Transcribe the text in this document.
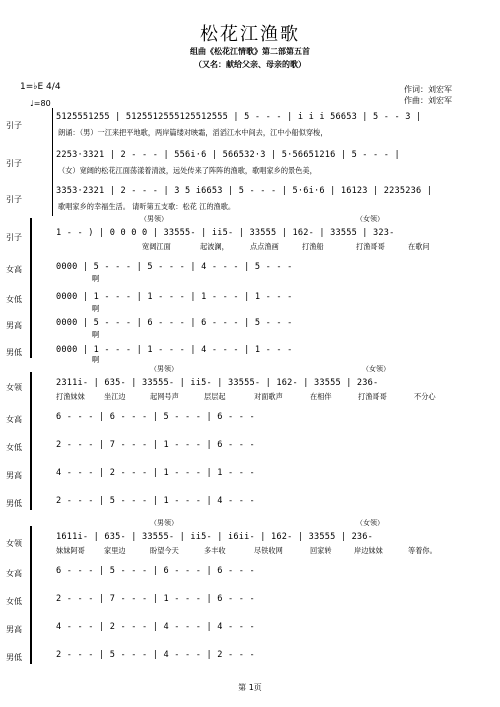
松花江渔歌
组曲《松花江情歌》第二部第五首
（又名：献给父亲、母亲的歌）
作词：刘宏军
作曲：刘宏军
1=♭E 4/4
♩=80
引子
5125551255 | 5125512555125512555 | 5 - - - | i i i 56653 | 5 - - 3 |
朗诵：（男）一江来把平地歌，两岸篇缕对映霜，滔滔江水中间去，江中小船似穿梭，
引子
2253·3321 | 2 - - - | 556i·6 | 566532·3 | 5·56651216 | 5 - - - |
（女）宽阔的松花江面荡漾着清波，远处传来了阵阵的渔歌，歌唱家乡的景色美，
引子
3353·2321 | 2 - - - | 3 5 i6653 | 5 - - - | 5·6i·6 | 16123 | 2235236 |
歌唱家乡的幸福生活。 请听第五支歌：松花 江的渔歌。
（男领）	（女领）
引子	1 - - ) | 0 0 0 0 | 33555- | ii5- | 33555 | 162- | 33555 | 323-
宽阔江面	起波澜，	点点渔画	打渔船	打渔哥哥	在歌问
女高	0000 | 5 - - - | 5 - - - | 4 - - - | 5 - - -
啊
女低	0000 | 1 - - - | 1 - - - | 1 - - - | 1 - - -
啊
男高	0000 | 5 - - - | 6 - - - | 6 - - - | 5 - - -
啊
男低	0000 | 1 - - - | 1 - - - | 4 - - - | 1 - - -
啊
（男领）	（女领）
女领	2311i- | 635- | 33555- | ii5- | 33555- | 162- | 33555 | 236-
打渔妹妹	坐江边	起网号声	层层起	对面歌声	在相伴	打渔哥哥	不分心
女高	6 - - - | 6 - - - | 5 - - - | 6 - - -
女低	2 - - - | 7 - - - | 1 - - - | 6 - - -
男高	4 - - - | 2 - - - | 1 - - - | 1 - - -
男低	2 - - - | 5 - - - | 1 - - - | 4 - - -
（男领）	（女领）
女领
1611i- | 635- | 33555- | ii5- | i6ii- | 162- | 33555 | 236-
妹妹阿哥	家里边	盼望今天	多丰收	尽铁收网	回家转	岸边妹妹	等着你。
女高	6 - - - | 5 - - - | 6 - - - | 6 - - -
女低	2 - - - | 7 - - - | 1 - - - | 6 - - -
男高	4 - - - | 2 - - - | 4 - - - | 4 - - -
男低	2 - - - | 5 - - - | 4 - - - | 2 - - -
第 1页
